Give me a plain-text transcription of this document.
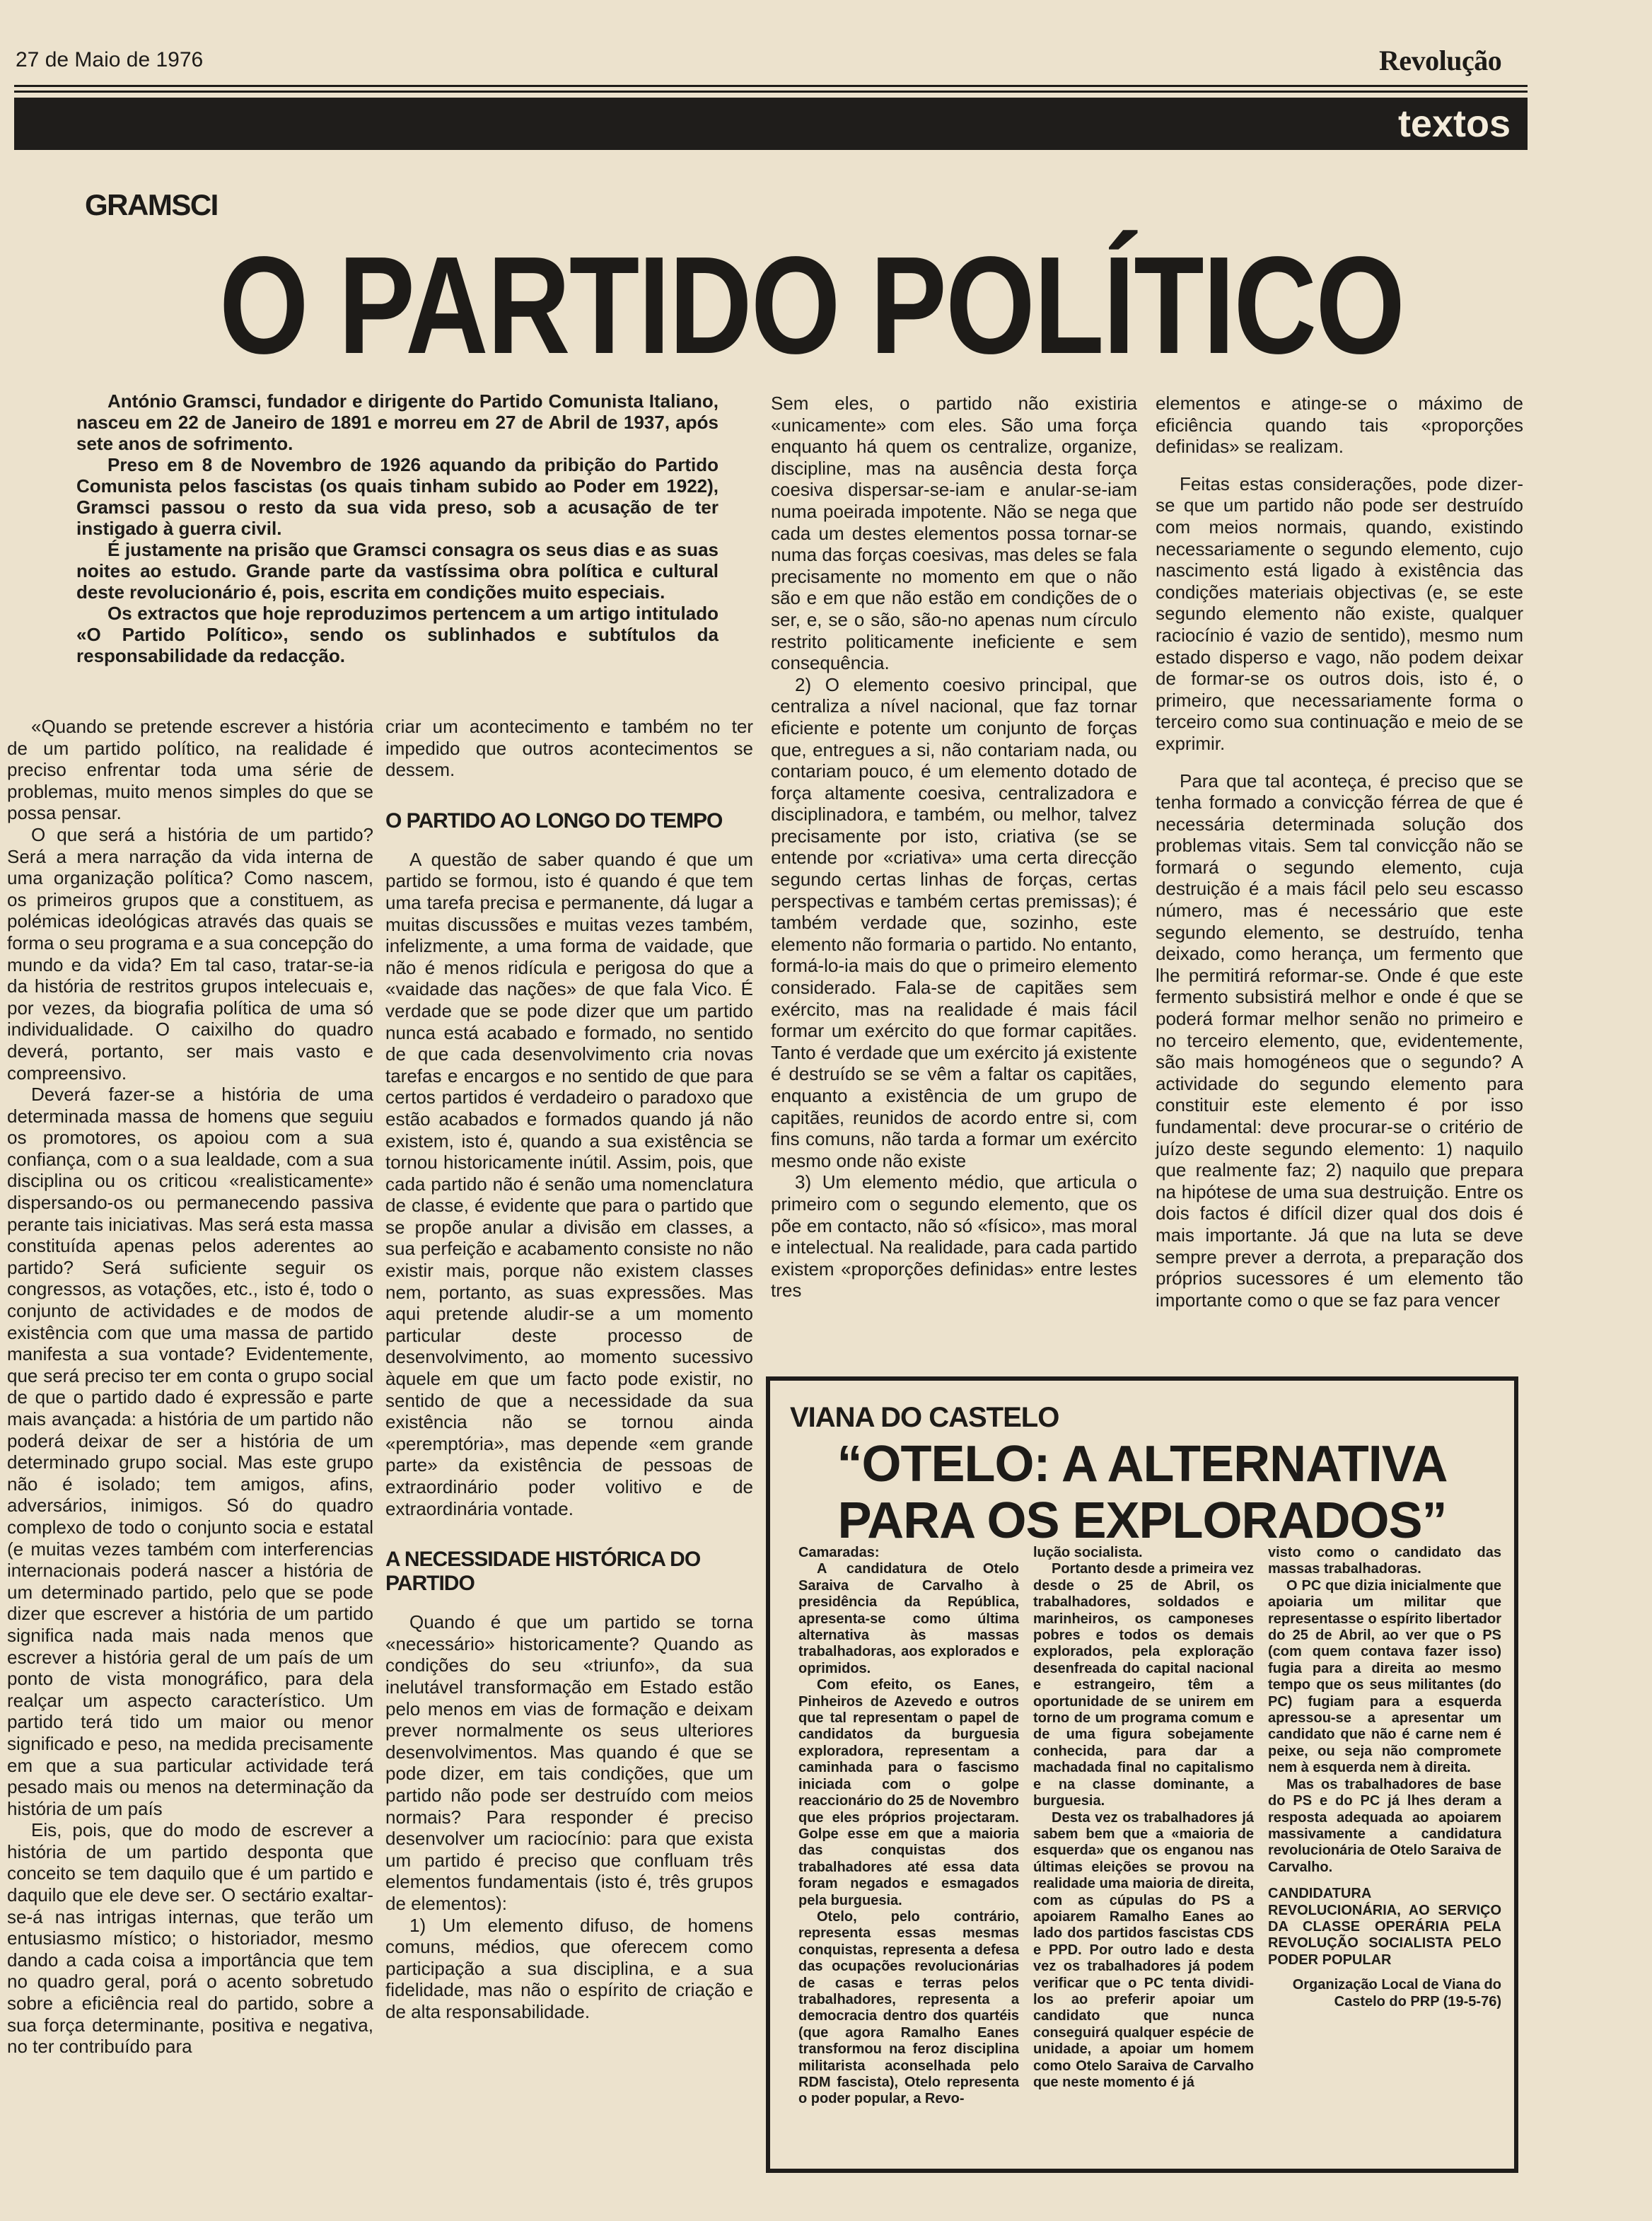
27 de Maio de 1976	Revolução
textos
GRAMSCI
O PARTIDO POLÍTICO

António Gramsci, fundador e dirigente do Partido Comunista Italiano, nasceu em 22 de Janeiro de 1891 e morreu em 27 de Abril de 1937, após sete anos de sofrimento.

Preso em 8 de Novembro de 1926 aquando da pribição do Partido Comunista pelos fascistas (os quais tinham subido ao Poder em 1922), Gramsci passou o resto da sua vida preso, sob a acusação de ter instigado à guerra civil.

É justamente na prisão que Gramsci consagra os seus dias e as suas noites ao estudo. Grande parte da vastíssima obra política e cultural deste revolucionário é, pois, escrita em condições muito especiais.

Os extractos que hoje reproduzimos pertencem a um artigo intitulado «O Partido Político», sendo os sublinhados e subtítulos da responsabilidade da redacção.

«Quando se pretende escrever a história de um partido político, na realidade é preciso enfrentar toda uma série de problemas, muito menos simples do que se possa pensar.

O que será a história de um partido? Será a mera narração da vida interna de uma organização política? Como nascem, os primeiros grupos que a constituem, as polémicas ideológicas através das quais se forma o seu programa e a sua concepção do mundo e da vida? Em tal caso, tratar-se-ia da história de restritos grupos intelecuais e, por vezes, da biografia política de uma só individualidade. O caixilho do quadro deverá, portanto, ser mais vasto e compreensivo.

Deverá fazer-se a história de uma determinada massa de homens que seguiu os promotores, os apoiou com a sua confiança, com o a sua lealdade, com a sua disciplina ou os criticou «realisticamente» dispersando-os ou permanecendo passiva perante tais iniciativas. Mas será esta massa constituída apenas pelos aderentes ao partido? Será suficiente seguir os congressos, as votações, etc., isto é, todo o conjunto de actividades e de modos de existência com que uma massa de partido manifesta a sua vontade? Evidentemente, que será preciso ter em conta o grupo social de que o partido dado é expressão e parte mais avançada: a história de um partido não poderá deixar de ser a história de um determinado grupo social. Mas este grupo não é isolado; tem amigos, afins, adversários, inimigos. Só do quadro complexo de todo o conjunto socia e estatal (e muitas vezes também com interferencias internacionais poderá nascer a história de um determinado partido, pelo que se pode dizer que escrever a história de um partido significa nada mais nada menos que escrever a história geral de um país de um ponto de vista monográfico, para dela realçar um aspecto característico. Um partido terá tido um maior ou menor significado e peso, na medida precisamente em que a sua particular actividade terá pesado mais ou menos na determinação da história de um país

Eis, pois, que do modo de escrever a história de um partido desponta que conceito se tem daquilo que é um partido e daquilo que ele deve ser. O sectário exaltar-se-á nas intrigas internas, que terão um entusiasmo místico; o historiador, mesmo dando a cada coisa a importância que tem no quadro geral, porá o acento sobretudo sobre a eficiência real do partido, sobre a sua força determinante, positiva e negativa, no ter contribuído para

criar um acontecimento e também no ter impedido que outros acontecimentos se dessem.

O PARTIDO AO LONGO DO TEMPO

A questão de saber quando é que um partido se formou, isto é quando é que tem uma tarefa precisa e permanente, dá lugar a muitas discussões e muitas vezes também, infelizmente, a uma forma de vaidade, que não é menos ridícula e perigosa do que a «vaidade das nações» de que fala Vico. É verdade que se pode dizer que um partido nunca está acabado e formado, no sentido de que cada desenvolvimento cria novas tarefas e encargos e no sentido de que para certos partidos é verdadeiro o paradoxo que estão acabados e formados quando já não existem, isto é, quando a sua existência se tornou historicamente inútil. Assim, pois, que cada partido não é senão uma nomenclatura de classe, é evidente que para o partido que se propõe anular a divisão em classes, a sua perfeição e acabamento consiste no não existir mais, porque não existem classes nem, portanto, as suas expressões. Mas aqui pretende aludir-se a um momento particular deste processo de desenvolvimento, ao momento sucessivo àquele em que um facto pode existir, no sentido de que a necessidade da sua existência não se tornou ainda «peremptória», mas depende «em grande parte» da existência de pessoas de extraordinário poder volitivo e de extraordinária vontade.

A NECESSIDADE HISTÓRICA DO PARTIDO

Quando é que um partido se torna «necessário» historicamente? Quando as condições do seu «triunfo», da sua inelutável transformação em Estado estão pelo menos em vias de formação e deixam prever normalmente os seus ulteriores desenvolvimentos. Mas quando é que se pode dizer, em tais condições, que um partido não pode ser destruído com meios normais? Para responder é preciso desenvolver um raciocínio: para que exista um partido é preciso que confluam três elementos fundamentais (isto é, três grupos de elementos):

1) Um elemento difuso, de homens comuns, médios, que oferecem como participação a sua disciplina, e a sua fidelidade, mas não o espírito de criação e de alta responsabilidade.

Sem eles, o partido não existiria «unicamente» com eles. São uma força enquanto há quem os centralize, organize, discipline, mas na ausência desta força coesiva dispersar-se-iam e anular-se-iam numa poeirada impotente. Não se nega que cada um destes elementos possa tornar-se numa das forças coesivas, mas deles se fala precisamente no momento em que o não são e em que não estão em condições de o ser, e, se o são, são-no apenas num círculo restrito politicamente ineficiente e sem consequência.

2) O elemento coesivo principal, que centraliza a nível nacional, que faz tornar eficiente e potente um conjunto de forças que, entregues a si, não contariam nada, ou contariam pouco, é um elemento dotado de força altamente coesiva, centralizadora e disciplinadora, e também, ou melhor, talvez precisamente por isto, criativa (se se entende por «criativa» uma certa direcção segundo certas linhas de forças, certas perspectivas e também certas premissas); é também verdade que, sozinho, este elemento não formaria o partido. No entanto, formá-lo-ia mais do que o primeiro elemento considerado. Fala-se de capitães sem exército, mas na realidade é mais fácil formar um exército do que formar capitães. Tanto é verdade que um exército já existente é destruído se se vêm a faltar os capitães, enquanto a existência de um grupo de capitães, reunidos de acordo entre si, com fins comuns, não tarda a formar um exército mesmo onde não existe

3) Um elemento médio, que articula o primeiro com o segundo elemento, que os põe em contacto, não só «físico», mas moral e intelectual. Na realidade, para cada partido existem «proporções definidas» entre lestes tres

elementos e atinge-se o máximo de eficiência quando tais «proporções definidas» se realizam.

Feitas estas considerações, pode dizer-se que um partido não pode ser destruído com meios normais, quando, existindo necessariamente o segundo elemento, cujo nascimento está ligado à existência das condições materiais objectivas (e, se este segundo elemento não existe, qualquer raciocínio é vazio de sentido), mesmo num estado disperso e vago, não podem deixar de formar-se os outros dois, isto é, o primeiro, que necessariamente forma o terceiro como sua continuação e meio de se exprimir.

Para que tal aconteça, é preciso que se tenha formado a convicção férrea de que é necessária determinada solução dos problemas vitais. Sem tal convicção não se formará o segundo elemento, cuja destruição é a mais fácil pelo seu escasso número, mas é necessário que este segundo elemento, se destruído, tenha deixado, como herança, um fermento que lhe permitirá reformar-se. Onde é que este fermento subsistirá melhor e onde é que se poderá formar melhor senão no primeiro e no terceiro elemento, que, evidentemente, são mais homogéneos que o segundo? A actividade do segundo elemento para constituir este elemento é por isso fundamental: deve procurar-se o critério de juízo deste segundo elemento: 1) naquilo que realmente faz; 2) naquilo que prepara na hipótese de uma sua destruição. Entre os dois factos é difícil dizer qual dos dois é mais importante. Já que na luta se deve sempre prever a derrota, a preparação dos próprios sucessores é um elemento tão importante como o que se faz para vencer

VIANA DO CASTELO
“OTELO: A ALTERNATIVA
PARA OS EXPLORADOS”

Camaradas:

A candidatura de Otelo Saraiva de Carvalho à presidência da República, apresenta-se como última alternativa às massas trabalhadoras, aos explorados e oprimidos.

Com efeito, os Eanes, Pinheiros de Azevedo e outros que tal representam o papel de candidatos da burguesia exploradora, representam a caminhada para o fascismo iniciada com o golpe reaccionário do 25 de Novembro que eles próprios projectaram. Golpe esse em que a maioria das conquistas dos trabalhadores até essa data foram negados e esmagados pela burguesia.

Otelo, pelo contrário, representa essas mesmas conquistas, representa a defesa das ocupações revolucionárias de casas e terras pelos trabalhadores, representa a democracia dentro dos quartéis (que agora Ramalho Eanes transformou na feroz disciplina militarista aconselhada pelo RDM fascista), Otelo representa o poder popular, a Revo-

lução socialista.

Portanto desde a primeira vez desde o 25 de Abril, os trabalhadores, soldados e marinheiros, os camponeses pobres e todos os demais explorados, pela exploração desenfreada do capital nacional e estrangeiro, têm a oportunidade de se unirem em torno de um programa comum e de uma figura sobejamente conhecida, para dar a machadada final no capitalismo e na classe dominante, a burguesia.

Desta vez os trabalhadores já sabem bem que a «maioria de esquerda» que os enganou nas últimas eleições se provou na realidade uma maioria de direita, com as cúpulas do PS a apoiarem Ramalho Eanes ao lado dos partidos fascistas CDS e PPD. Por outro lado e desta vez os trabalhadores já podem verificar que o PC tenta dividi-los ao preferir apoiar um candidato que nunca conseguirá qualquer espécie de unidade, a apoiar um homem como Otelo Saraiva de Carvalho que neste momento é já

visto como o candidato das massas trabalhadoras.

O PC que dizia inicialmente que apoiaria um militar que representasse o espírito libertador do 25 de Abril, ao ver que o PS (com quem contava fazer isso) fugia para a direita ao mesmo tempo que os seus militantes (do PC) fugiam para a esquerda apressou-se a apresentar um candidato que não é carne nem é peixe, ou seja não compromete nem à esquerda nem à direita.

Mas os trabalhadores de base do PS e do PC já lhes deram a resposta adequada ao apoiarem massivamente a candidatura revolucionária de Otelo Saraiva de Carvalho.

CANDIDATURA REVOLUCIONÁRIA, AO SERVIÇO DA CLASSE OPERÁRIA PELA REVOLUÇÃO SOCIALISTA PELO PODER POPULAR

Organização Local de Viana do Castelo do PRP (19-5-76)
